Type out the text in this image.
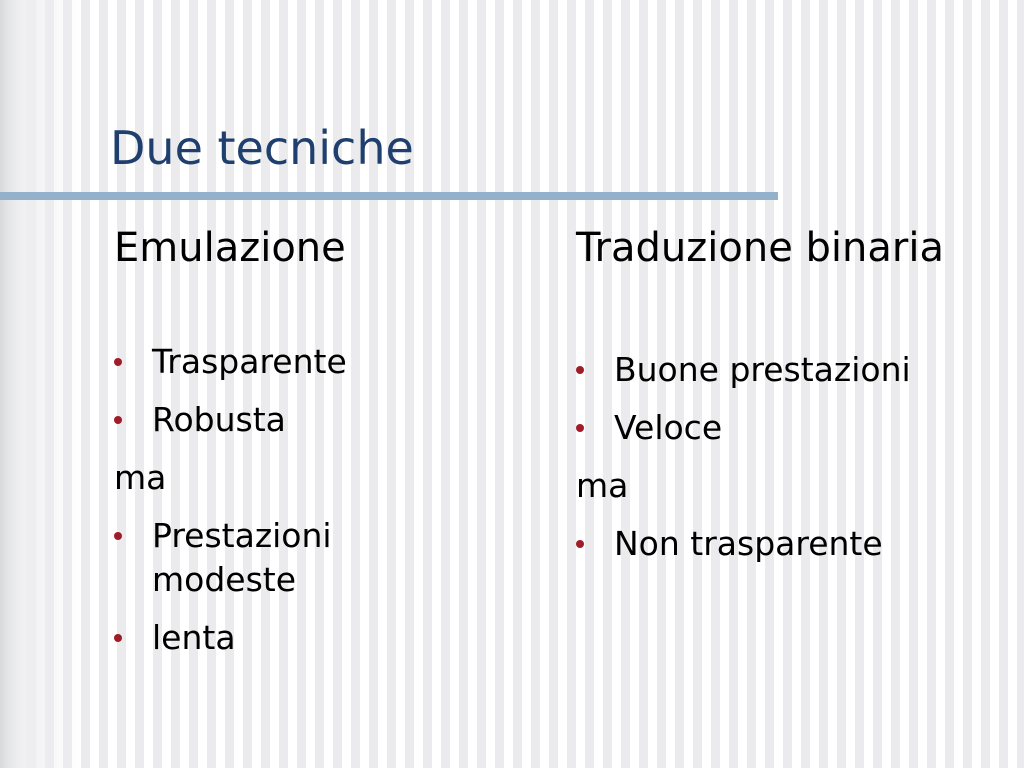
Due tecniche
Emulazione
Trasparente
Robusta
ma
Prestazioni modeste
lenta
Traduzione binaria
Buone prestazioni
Veloce
ma
Non trasparente
